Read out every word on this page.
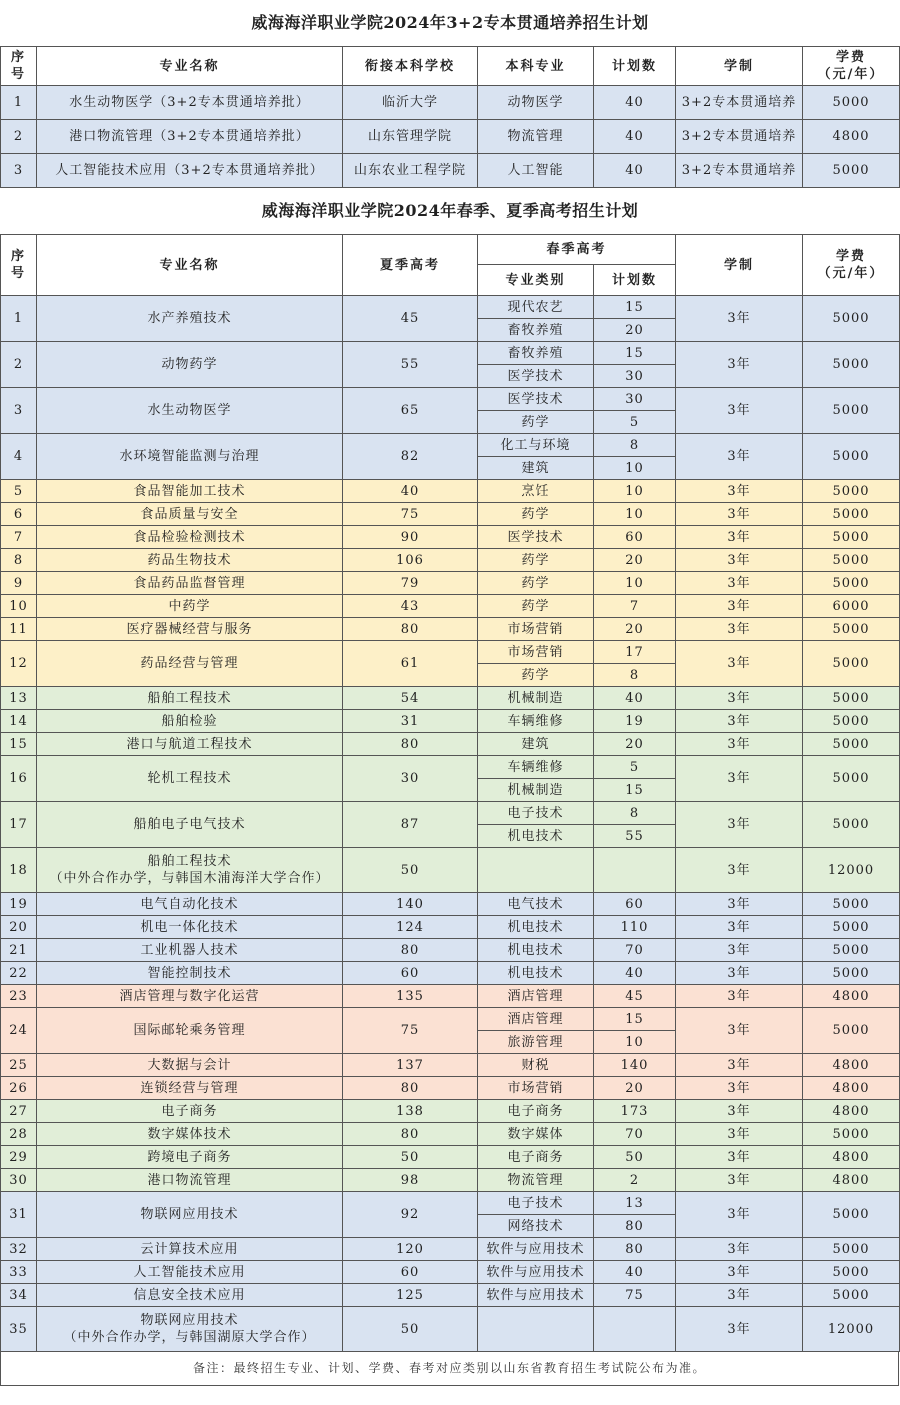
威海海洋职业学院2024年3+2专本贯通培养招生计划
序
号	专业名称	衔接本科学校	本科专业	计划数	学制	学费
（元/年）
1	水生动物医学（3+2专本贯通培养批）	临沂大学	动物医学	40	3+2专本贯通培养	5000
2	港口物流管理（3+2专本贯通培养批）	山东管理学院	物流管理	40	3+2专本贯通培养	4800
3	人工智能技术应用（3+2专本贯通培养批）	山东农业工程学院	人工智能	40	3+2专本贯通培养	5000
威海海洋职业学院2024年春季、夏季高考招生计划
序
号	专业名称	夏季高考	春季高考		学制	学费
（元/年）
			专业类别	计划数		
1	水产养殖技术	45	现代农艺	15	3年	5000
			畜牧养殖	20		
2	动物药学	55	畜牧养殖	15	3年	5000
			医学技术	30		
3	水生动物医学	65	医学技术	30	3年	5000
			药学	5		
4	水环境智能监测与治理	82	化工与环境	8	3年	5000
			建筑	10		
5	食品智能加工技术	40	烹饪	10	3年	5000
6	食品质量与安全	75	药学	10	3年	5000
7	食品检验检测技术	90	医学技术	60	3年	5000
8	药品生物技术	106	药学	20	3年	5000
9	食品药品监督管理	79	药学	10	3年	5000
10	中药学	43	药学	7	3年	6000
11	医疗器械经营与服务	80	市场营销	20	3年	5000
12	药品经营与管理	61	市场营销	17	3年	5000
			药学	8		
13	船舶工程技术	54	机械制造	40	3年	5000
14	船舶检验	31	车辆维修	19	3年	5000
15	港口与航道工程技术	80	建筑	20	3年	5000
16	轮机工程技术	30	车辆维修	5	3年	5000
			机械制造	15		
17	船舶电子电气技术	87	电子技术	8	3年	5000
			机电技术	55		
18	船舶工程技术
（中外合作办学，与韩国木浦海洋大学合作）	50			3年	12000
19	电气自动化技术	140	电气技术	60	3年	5000
20	机电一体化技术	124	机电技术	110	3年	5000
21	工业机器人技术	80	机电技术	70	3年	5000
22	智能控制技术	60	机电技术	40	3年	5000
23	酒店管理与数字化运营	135	酒店管理	45	3年	4800
24	国际邮轮乘务管理	75	酒店管理	15	3年	5000
			旅游管理	10		
25	大数据与会计	137	财税	140	3年	4800
26	连锁经营与管理	80	市场营销	20	3年	4800
27	电子商务	138	电子商务	173	3年	4800
28	数字媒体技术	80	数字媒体	70	3年	5000
29	跨境电子商务	50	电子商务	50	3年	4800
30	港口物流管理	98	物流管理	2	3年	4800
31	物联网应用技术	92	电子技术	13	3年	5000
			网络技术	80		
32	云计算技术应用	120	软件与应用技术	80	3年	5000
33	人工智能技术应用	60	软件与应用技术	40	3年	5000
34	信息安全技术应用	125	软件与应用技术	75	3年	5000
35	物联网应用技术
（中外合作办学，与韩国湖原大学合作）	50			3年	12000
备注：最终招生专业、计划、学费、春考对应类别以山东省教育招生考试院公布为准。
